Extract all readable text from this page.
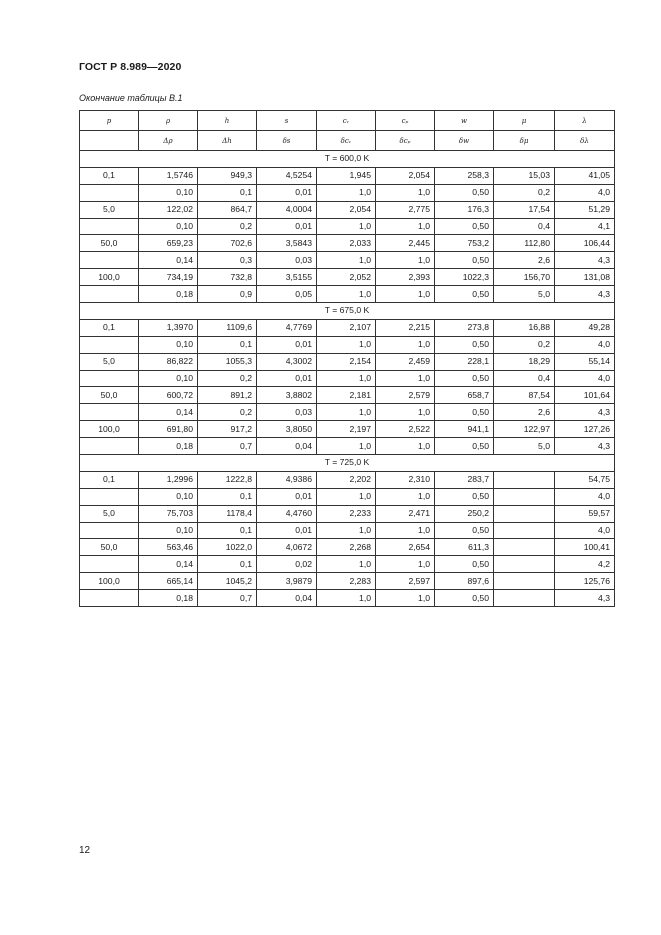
ГОСТ Р 8.989—2020
Окончание таблицы В.1
p	ρ	h	s	cᵥ	cₚ	w	μ	λ
	Δρ	Δh	δs	δcᵥ	δcₚ	δw	δμ	δλ
T = 600,0 K								
0,1	1,5746	949,3	4,5254	1,945	2,054	258,3	15,03	41,05
	0,10	0,1	0,01	1,0	1,0	0,50	0,2	4,0
5,0	122,02	864,7	4,0004	2,054	2,775	176,3	17,54	51,29
	0,10	0,2	0,01	1,0	1,0	0,50	0,4	4,1
50,0	659,23	702,6	3,5843	2,033	2,445	753,2	112,80	106,44
	0,14	0,3	0,03	1,0	1,0	0,50	2,6	4,3
100,0	734,19	732,8	3,5155	2,052	2,393	1022,3	156,70	131,08
	0,18	0,9	0,05	1,0	1,0	0,50	5,0	4,3
T = 675,0 K								
0,1	1,3970	1109,6	4,7769	2,107	2,215	273,8	16,88	49,28
	0,10	0,1	0,01	1,0	1,0	0,50	0,2	4,0
5,0	86,822	1055,3	4,3002	2,154	2,459	228,1	18,29	55,14
	0,10	0,2	0,01	1,0	1,0	0,50	0,4	4,0
50,0	600,72	891,2	3,8802	2,181	2,579	658,7	87,54	101,64
	0,14	0,2	0,03	1,0	1,0	0,50	2,6	4,3
100,0	691,80	917,2	3,8050	2,197	2,522	941,1	122,97	127,26
	0,18	0,7	0,04	1,0	1,0	0,50	5,0	4,3
T = 725,0 K								
0,1	1,2996	1222,8	4,9386	2,202	2,310	283,7		54,75
	0,10	0,1	0,01	1,0	1,0	0,50		4,0
5,0	75,703	1178,4	4,4760	2,233	2,471	250,2		59,57
	0,10	0,1	0,01	1,0	1,0	0,50		4,0
50,0	563,46	1022,0	4,0672	2,268	2,654	611,3		100,41
	0,14	0,1	0,02	1,0	1,0	0,50		4,2
100,0	665,14	1045,2	3,9879	2,283	2,597	897,6		125,76
	0,18	0,7	0,04	1,0	1,0	0,50		4,3
12
